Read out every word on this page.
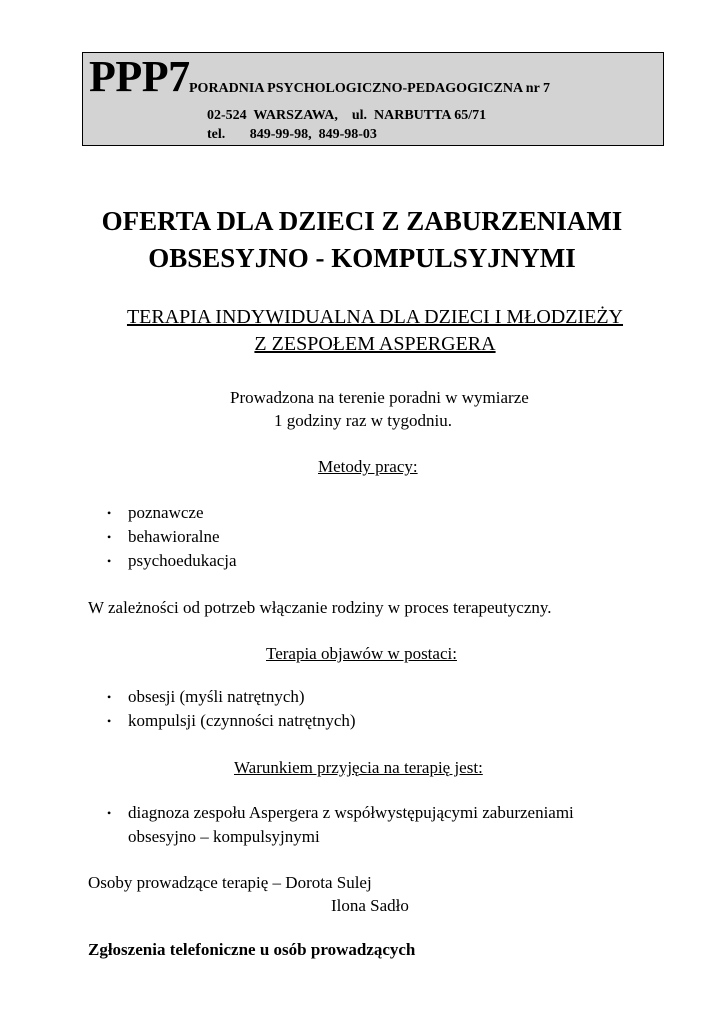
PPP7 PORADNIA PSYCHOLOGICZNO-PEDAGOGICZNA nr 7
02-524  WARSZAWA,    ul.  NARBUTTA 65/71
tel.       849-99-98,  849-98-03
OFERTA DLA DZIECI Z ZABURZENIAMI
OBSESYJNO - KOMPULSYJNYMI
TERAPIA INDYWIDUALNA DLA DZIECI I MŁODZIEŻY
Z ZESPOŁEM ASPERGERA
Prowadzona na terenie poradni w wymiarze
1 godziny raz w tygodniu.
Metody pracy:
• poznawcze
• behawioralne
• psychoedukacja
W zależności od potrzeb włączanie rodziny w proces terapeutyczny.
Terapia objawów w postaci:
• obsesji (myśli natrętnych)
• kompulsji (czynności natrętnych)
Warunkiem przyjęcia na terapię jest:
• diagnoza zespołu Aspergera z współwystępującymi zaburzeniami
obsesyjno – kompulsyjnymi
Osoby prowadzące terapię – Dorota Sulej
Ilona Sadło
Zgłoszenia telefoniczne u osób prowadzących
